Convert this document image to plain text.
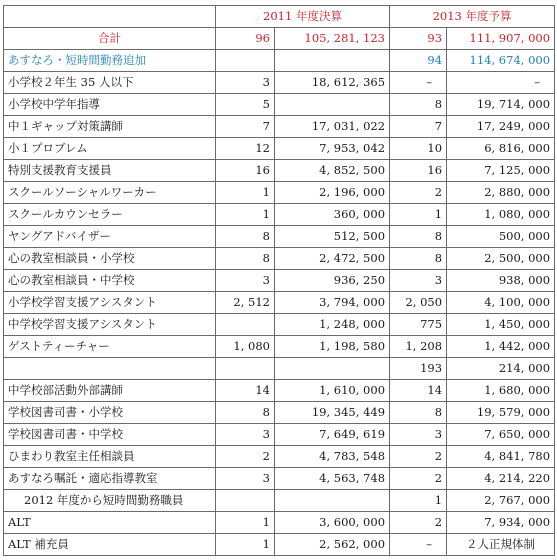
	2011 年度決算		2013 年度予算	
合計	96	105, 281, 123	93	111, 907, 000
あすなろ・短時間勤務追加			94	114, 674, 000
小学校２年生 35 人以下	3	18, 612, 365	–	–
小学校中学年指導	5		8	19, 714, 000
中１ギャップ対策講師	7	17, 031, 022	7	17, 249, 000
小１プロブレム	12	7, 953, 042	10	6, 816, 000
特別支援教育支援員	16	4, 852, 500	16	7, 125, 000
スクールソーシャルワーカー	1	2, 196, 000	2	2, 880, 000
スクールカウンセラー	1	360, 000	1	1, 080, 000
ヤングアドバイザー	8	512, 500	8	500, 000
心の教室相談員・小学校	8	2, 472, 500	8	2, 500, 000
心の教室相談員・中学校	3	936, 250	3	938, 000
小学校学習支援アシスタント	2, 512	3, 794, 000	2, 050	4, 100, 000
中学校学習支援アシスタント		1, 248, 000	775	1, 450, 000
ゲストティーチャー	1, 080	1, 198, 580	1, 208	1, 442, 000
			193	214, 000
中学校部活動外部講師	14	1, 610, 000	14	1, 680, 000
学校図書司書・小学校	8	19, 345, 449	8	19, 579, 000
学校図書司書・中学校	3	7, 649, 619	3	7, 650, 000
ひまわり教室主任相談員	2	4, 783, 548	2	4, 841, 780
あすなろ嘱託・適応指導教室	3	4, 563, 748	2	4, 214, 220
2012 年度から短時間勤務職員			1	2, 767, 000
ALT	1	3, 600, 000	2	7, 934, 000
ALT 補充員	1	2, 562, 000	–	２人正規体制
